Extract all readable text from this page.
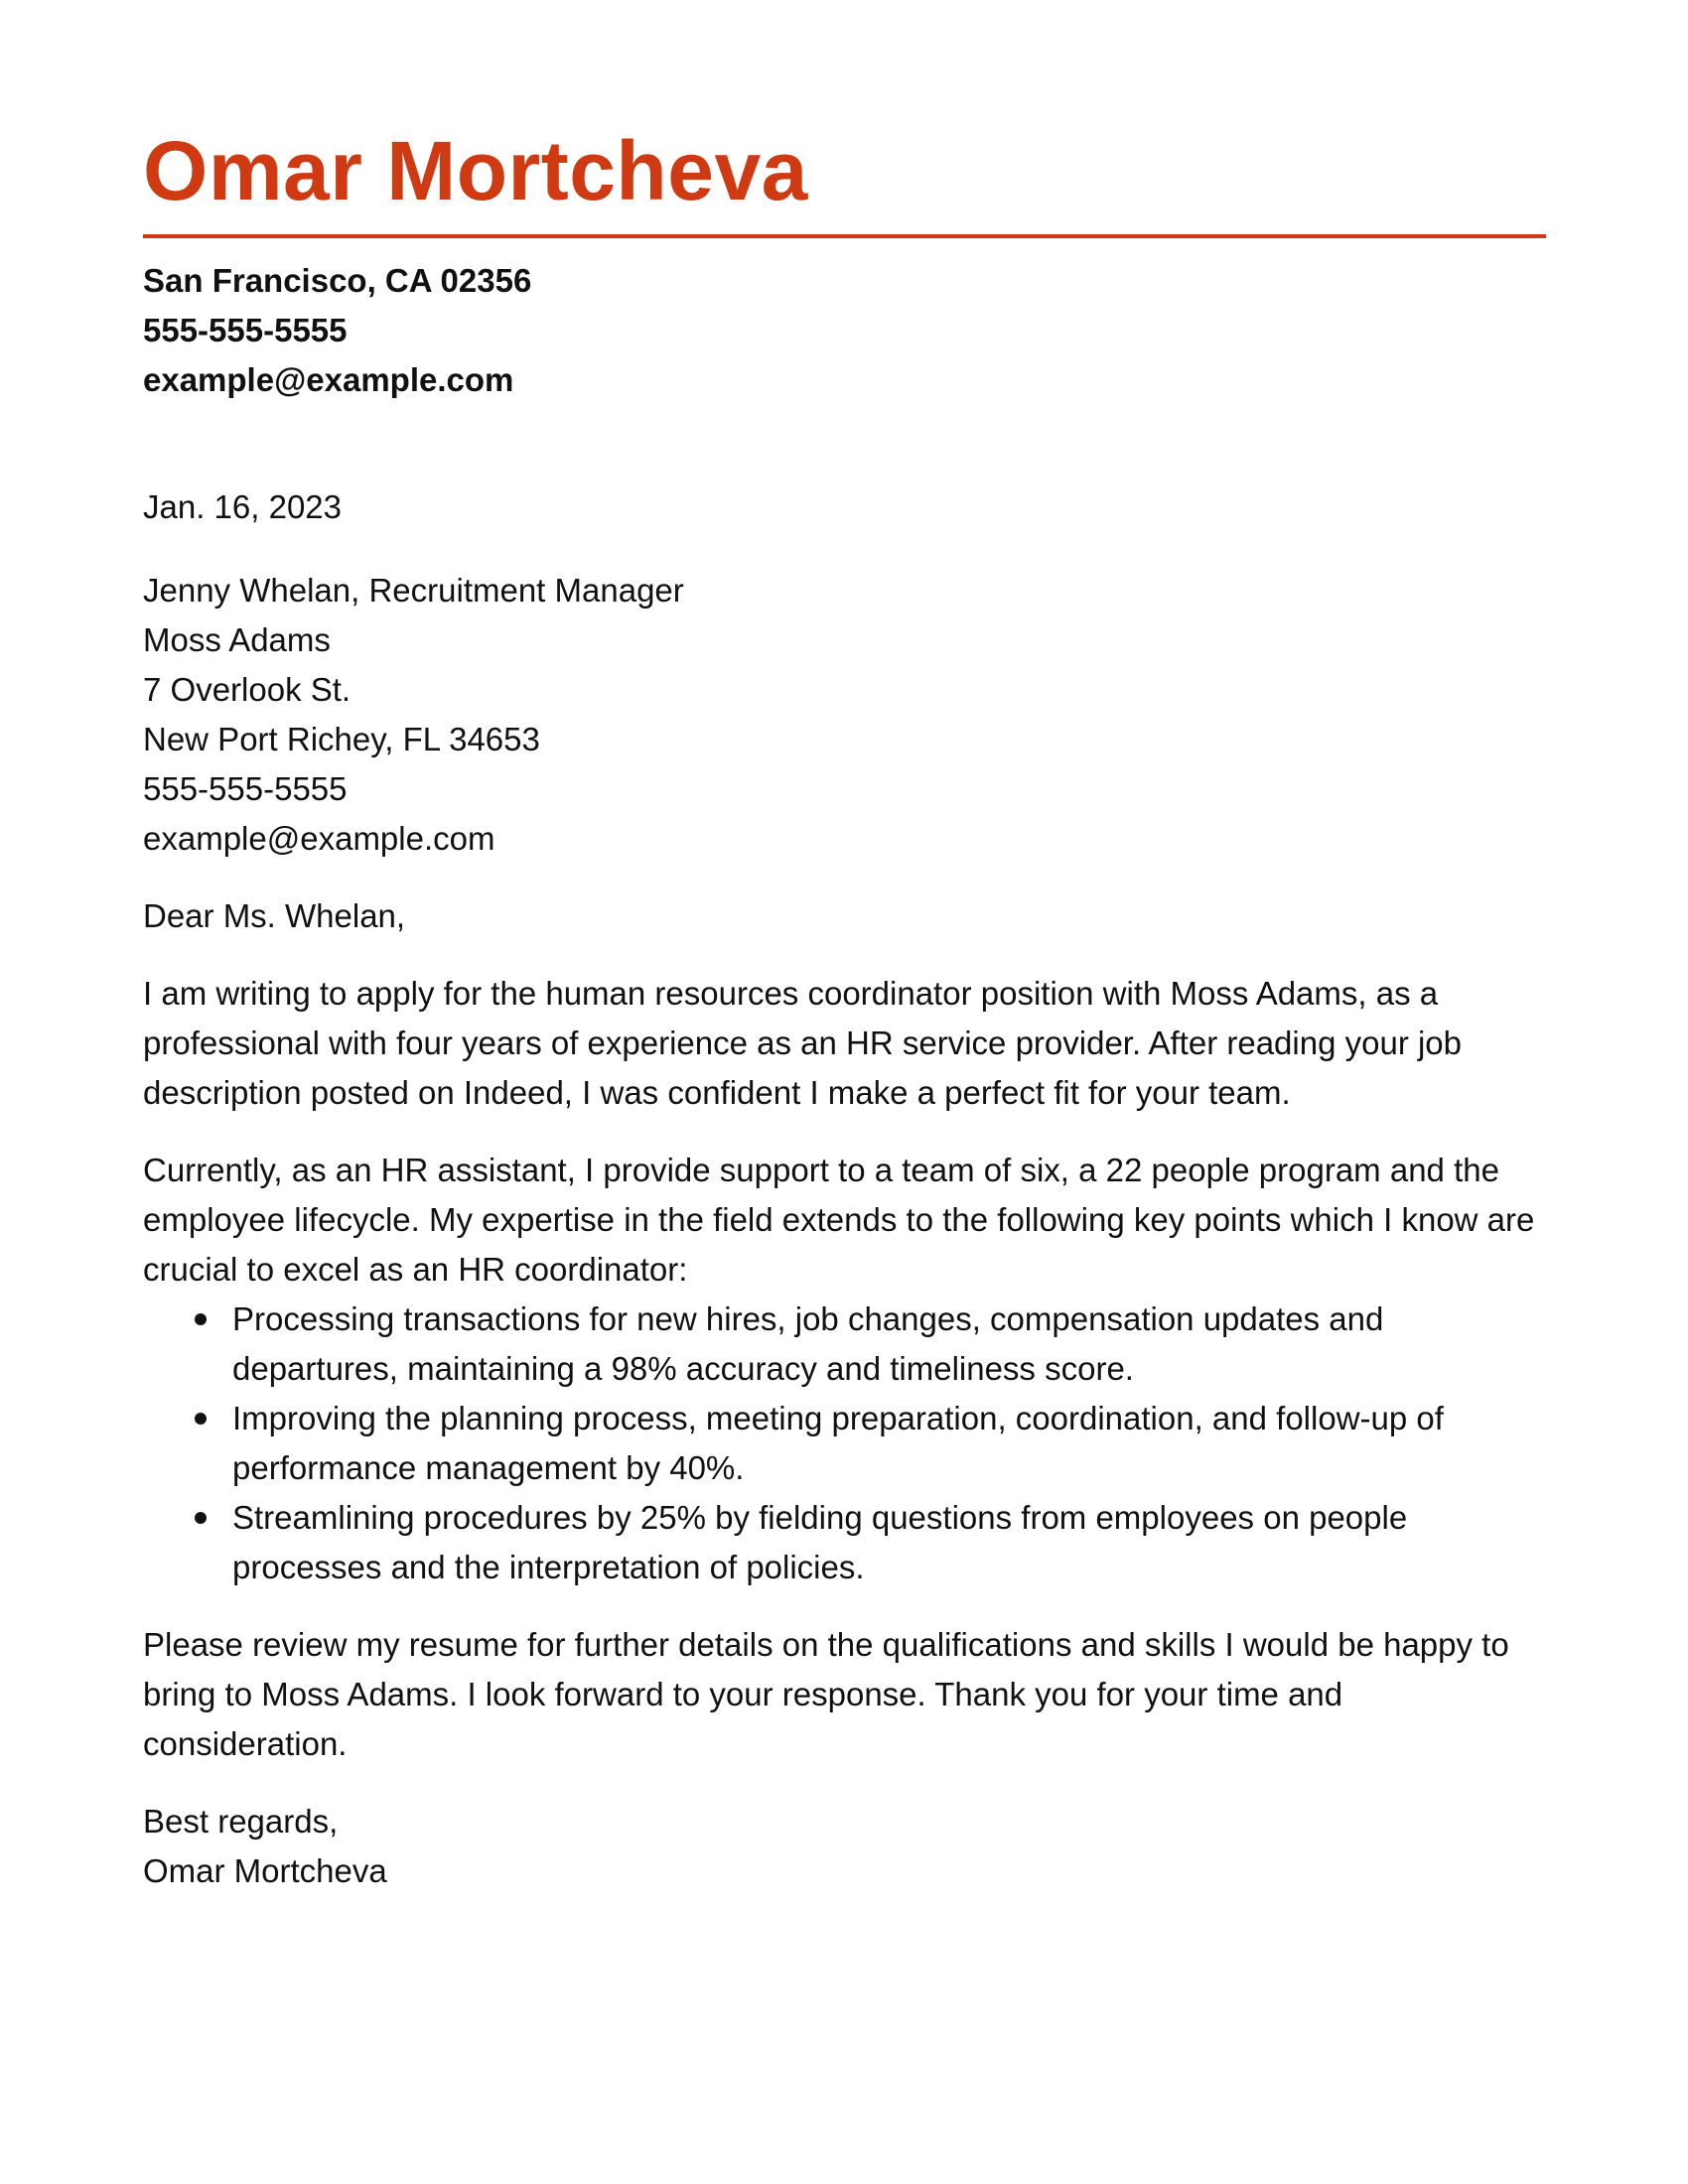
Omar Mortcheva
San Francisco, CA 02356
555-555-5555
example@example.com
Jan. 16, 2023
Jenny Whelan, Recruitment Manager
Moss Adams
7 Overlook St.
New Port Richey, FL 34653
555-555-5555
example@example.com
Dear Ms. Whelan,
I am writing to apply for the human resources coordinator position with Moss Adams, as a professional with four years of experience as an HR service provider. After reading your job description posted on Indeed, I was confident I make a perfect fit for your team.
Currently, as an HR assistant, I provide support to a team of six, a 22 people program and the employee lifecycle. My expertise in the field extends to the following key points which I know are crucial to excel as an HR coordinator:
Processing transactions for new hires, job changes, compensation updates and departures, maintaining a 98% accuracy and timeliness score.
Improving the planning process, meeting preparation, coordination, and follow-up of performance management by 40%.
Streamlining procedures by 25% by fielding questions from employees on people processes and the interpretation of policies.
Please review my resume for further details on the qualifications and skills I would be happy to bring to Moss Adams. I look forward to your response. Thank you for your time and consideration.
Best regards,
Omar Mortcheva
